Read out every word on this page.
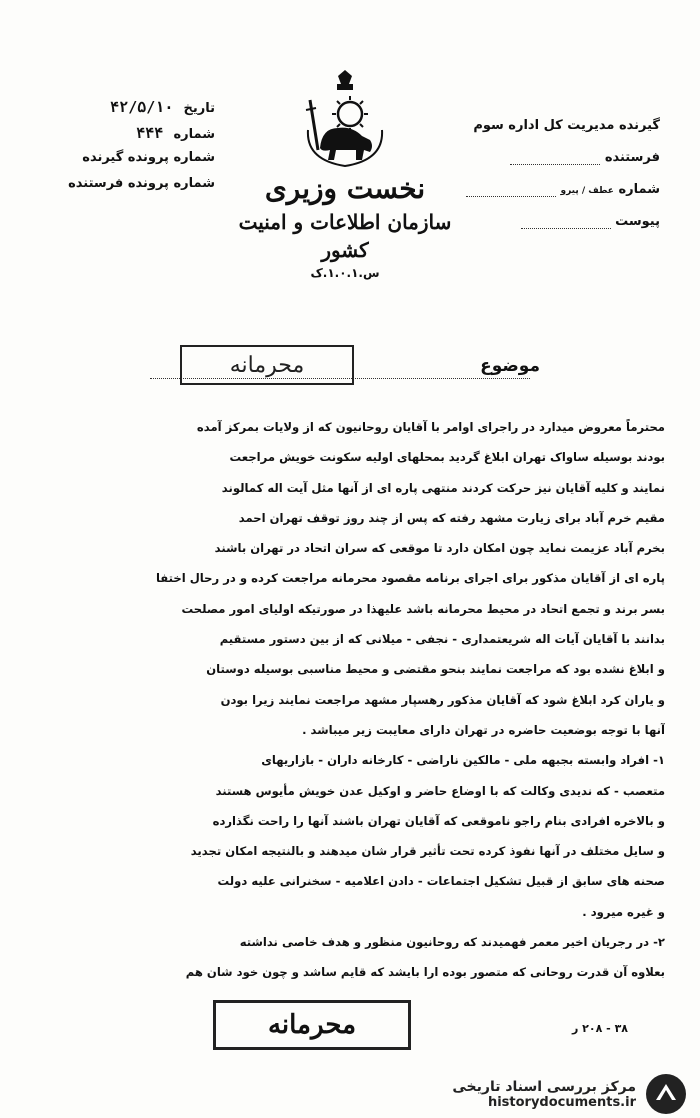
تاریخ ۴۲/۵/۱۰
شماره ۴۴۴
شماره پرونده گیرنده
شماره پرونده فرستنده	نخست وزیری
سازمان اطلاعات و امنیت کشور
س.۱.۰.۱.ک
گیرنده مدیریت کل اداره سوم
فرستنده
شماره عطف / پیرو
پیوست
موضوع
محرمانه
محترماً معروض میدارد در راجرای اوامر با آقایان روحانیون که از ولایات بمرکز آمده
بودند بوسیله ساواک تهران ابلاغ گردید بمحلهای اولیه سکونت خویش مراجعت
نمایند و کلیه آقایان نیز حرکت کردند منتهی پاره ای از آنها مثل آیت اله کمالوند
مقیم خرم آباد برای زیارت مشهد رفته که پس از چند روز توقف تهران احمد
بخرم آباد عزیمت نماید چون امکان دارد تا موقعی که سران اتحاد در تهران باشند
پاره ای از آقایان مذکور برای اجرای برنامه مقصود محرمانه مراجعت کرده و در رحال اختفا
بسر برند و تجمع اتحاد در محیط محرمانه باشد علیهذا در صورتیکه اولیای امور مصلحت
بدانند با آقایان آیات اله شریعتمداری - نجفی - میلانی که از بین دستور مستقیم
و ابلاغ نشده بود که مراجعت نمایند بنحو مقتضی و محیط مناسبی بوسیله دوستان
و یاران کرد ابلاغ شود که آقایان مذکور رهسپار مشهد مراجعت نمایند زیرا بودن
آنها با توجه بوضعیت حاضره در تهران دارای معایبت زیر میباشد .
۱- افراد وابسته بجبهه ملی - مالکین ناراضی - کارخانه داران - بازاریهای
متعصب - که ندیدی وکالت که با اوضاع حاضر و اوکیل عدن خویش مأیوس هستند
و بالاخره افرادی بنام راجو ناموقعی که آقایان تهران باشند آنها را راحت نگذارده
و سایل مختلف در آنها نفوذ کرده تحت تأثیر قرار شان میدهند و بالنتیجه امکان تجدید
صحنه های سابق از قبیل تشکیل اجتماعات - دادن اعلامیه - سخنرانی علیه دولت
و غیره میرود .
۲- در رجریان اخیر معمر فهمیدند که روحانیون منظور و هدف خاصی نداشته
بعلاوه آن قدرت روحانی که متصور بوده ارا بایشد که قایم ساشد و چون خود شان هم
محرمانه	۳۸ - ۲۰۸ ر
مرکز بررسی اسناد تاریخی
historydocuments.ir
